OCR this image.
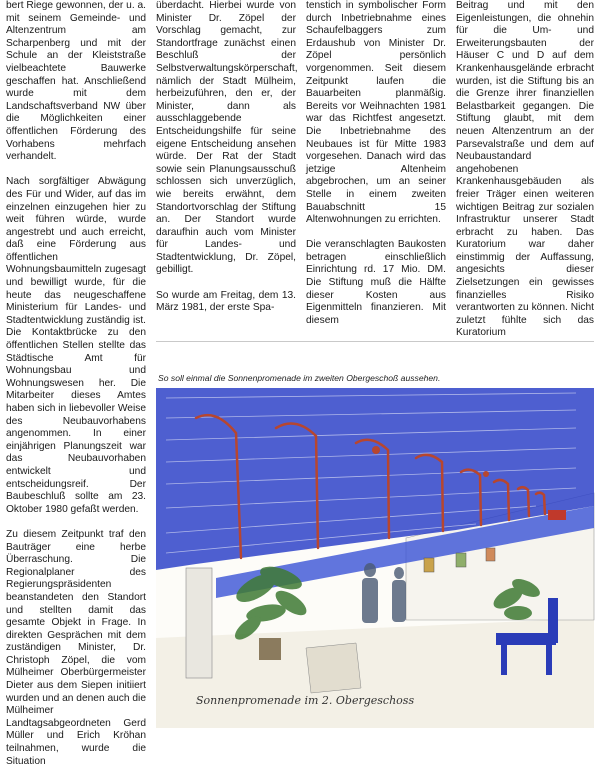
bert Riege gewonnen, der u. a. mit seinem Gemeinde- und Altenzentrum am Scharpenberg und mit der Schule an der Kleiststraße vielbeachtete Bauwerke geschaffen hat. Anschließend wurde mit dem Landschaftsverband NW über die Möglichkeiten einer öffentlichen Förderung des Vorhabens mehrfach verhandelt.

Nach sorgfältiger Abwägung des Für und Wider, auf das im einzelnen einzugehen hier zu weit führen würde, wurde angestrebt und auch erreicht, daß eine Förderung aus öffentlichen Wohnungsbaumitteln zugesagt und bewilligt wurde, für die heute das neugeschaffene Ministerium für Landes- und Stadtentwicklung zuständig ist. Die Kontaktbrücke zu den öffentlichen Stellen stellte das Städtische Amt für Wohnungsbau und Wohnungswesen her. Die Mitarbeiter dieses Amtes haben sich in liebevoller Weise des Neubauvorhabens angenommen. In einer einjährigen Planungszeit war das Neubauvorhaben entwickelt und entscheidungsreif. Der Baubeschluß sollte am 23. Oktober 1980 gefaßt werden.

Zu diesem Zeitpunkt traf den Bauträger eine herbe Überraschung. Die Regionalplaner des Regierungspräsidenten beanstandeten den Standort und stellten damit das gesamte Objekt in Frage. In direkten Gesprächen mit dem zuständigen Minister, Dr. Christoph Zöpel, die vom Mülheimer Oberbürgermeister Dieter aus dem Siepen initiiert wurden und an denen auch die Mülheimer Landtagsabgeordneten Gerd Müller und Erich Kröhan teilnahmen, wurde die Situation

überdacht. Hierbei wurde von Minister Dr. Zöpel der Vorschlag gemacht, zur Standortfrage zunächst einen Beschluß der Selbstverwaltungskörperschaft, nämlich der Stadt Mülheim, herbeizuführen, den er, der Minister, dann als ausschlaggebende Entscheidungshilfe für seine eigene Entscheidung ansehen würde. Der Rat der Stadt sowie sein Planungsausschuß schlossen sich unverzüglich, wie bereits erwähnt, dem Standortvorschlag der Stiftung an. Der Standort wurde daraufhin auch vom Minister für Landes- und Stadtentwicklung, Dr. Zöpel, gebilligt.

So wurde am Freitag, dem 13. März 1981, der erste Spa-

tenstich in symbolischer Form durch Inbetriebnahme eines Schaufelbaggers zum Erdaushub von Minister Dr. Zöpel persönlich vorgenommen. Seit diesem Zeitpunkt laufen die Bauarbeiten planmäßig. Bereits vor Weihnachten 1981 war das Richtfest angesetzt. Die Inbetriebnahme des Neubaues ist für Mitte 1983 vorgesehen. Danach wird das jetzige Altenheim abgebrochen, um an seiner Stelle in einem zweiten Bauabschnitt 15 Altenwohnungen zu errichten.

Die veranschlagten Baukosten betragen einschließlich Einrichtung rd. 17 Mio. DM. Die Stiftung muß die Hälfte dieser Kosten aus Eigenmitteln finanzieren. Mit diesem

Beitrag und mit den Eigenleistungen, die ohnehin für die Um- und Erweiterungsbauten der Häuser C und D auf dem Krankenhausgelände erbracht wurden, ist die Stiftung bis an die Grenze ihrer finanziellen Belastbarkeit gegangen. Die Stiftung glaubt, mit dem neuen Altenzentrum an der Parsevalstraße und dem auf Neubaustandard angehobenen Krankenhausgebäuden als freier Träger einen weiteren wichtigen Beitrag zur sozialen Infrastruktur unserer Stadt erbracht zu haben. Das Kuratorium war daher einstimmig der Auffassung, angesichts dieser Zielsetzungen ein gewisses finanzielles Risiko verantworten zu können. Nicht zuletzt fühlte sich das Kuratorium

So soll einmal die Sonnenpromenade im zweiten Obergeschoß aussehen.
Sonnenpromenade im 2. Obergeschoss
